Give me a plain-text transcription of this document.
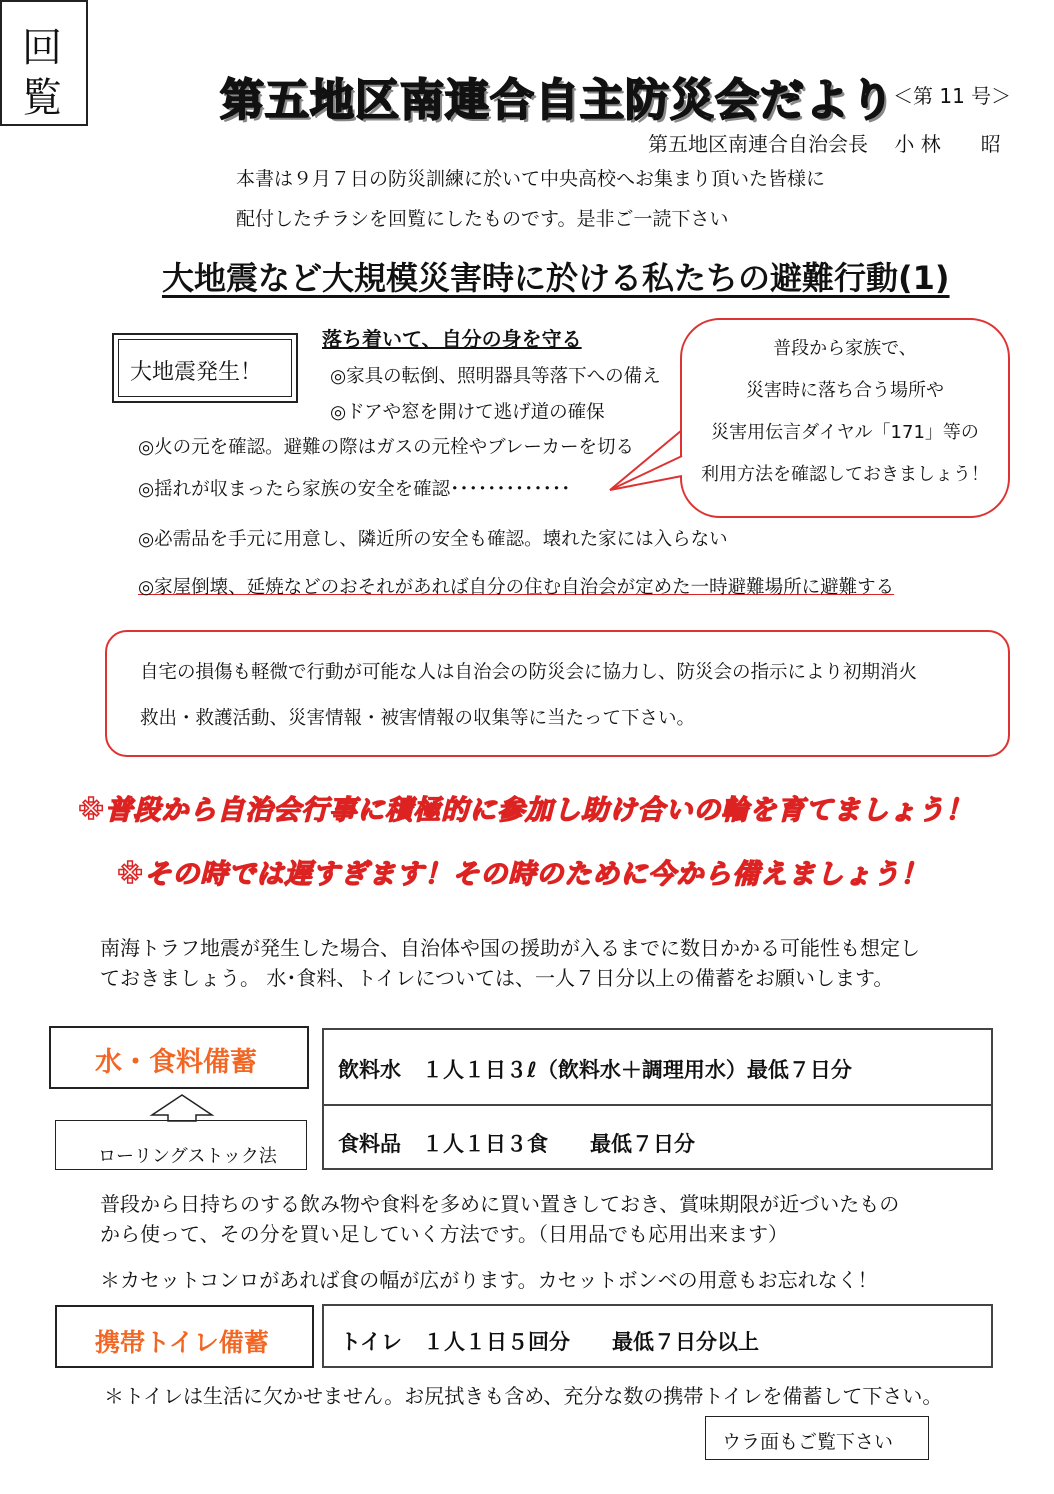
回
覧	第五地区南連合自主防災会だより
＜第 11 号＞
第五地区南連合自治会長　 小 林　　昭
本書は９月７日の防災訓練に於いて中央高校へお集まり頂いた皆様に
配付したチラシを回覧にしたものです。是非ご一読下さい
大地震など大規模災害時に於ける私たちの避難行動(1)
大地震発生！
落ち着いて、自分の身を守る
◎家具の転倒、照明器具等落下への備え
◎ドアや窓を開けて逃げ道の確保
◎火の元を確認。避難の際はガスの元栓やブレーカーを切る
◎揺れが収まったら家族の安全を確認･････････････
◎必需品を手元に用意し、隣近所の安全も確認。壊れた家には入らない
◎家屋倒壊、延焼などのおそれがあれば自分の住む自治会が定めた一時避難場所に避難する
普段から家族で、
災害時に落ち合う場所や
災害用伝言ダイヤル「171」等の
利用方法を確認しておきましょう！
自宅の損傷も軽微で行動が可能な人は自治会の防災会に協力し、防災会の指示により初期消火
救出・救護活動、災害情報・被害情報の収集等に当たって下さい。
※普段から自治会行事に積極的に参加し助け合いの輪を育てましょう！
※その時では遅すぎます！その時のために今から備えましょう！
南海トラフ地震が発生した場合、自治体や国の援助が入るまでに数日かかる可能性も想定し
ておきましょう。 水･食料、トイレについては、一人７日分以上の備蓄をお願いします。
水・食料備蓄
ローリングストック法
飲料水　１人１日３ℓ（飲料水＋調理用水）最低７日分
食料品　１人１日３食　　最低７日分
普段から日持ちのする飲み物や食料を多めに買い置きしておき、賞味期限が近づいたもの
から使って、その分を買い足していく方法です。（日用品でも応用出来ます）
＊カセットコンロがあれば食の幅が広がります。カセットボンベの用意もお忘れなく！
携帯トイレ備蓄	トイレ　１人１日５回分　　最低７日分以上
＊トイレは生活に欠かせません。お尻拭きも含め、充分な数の携帯トイレを備蓄して下さい。
ウラ面もご覧下さい
